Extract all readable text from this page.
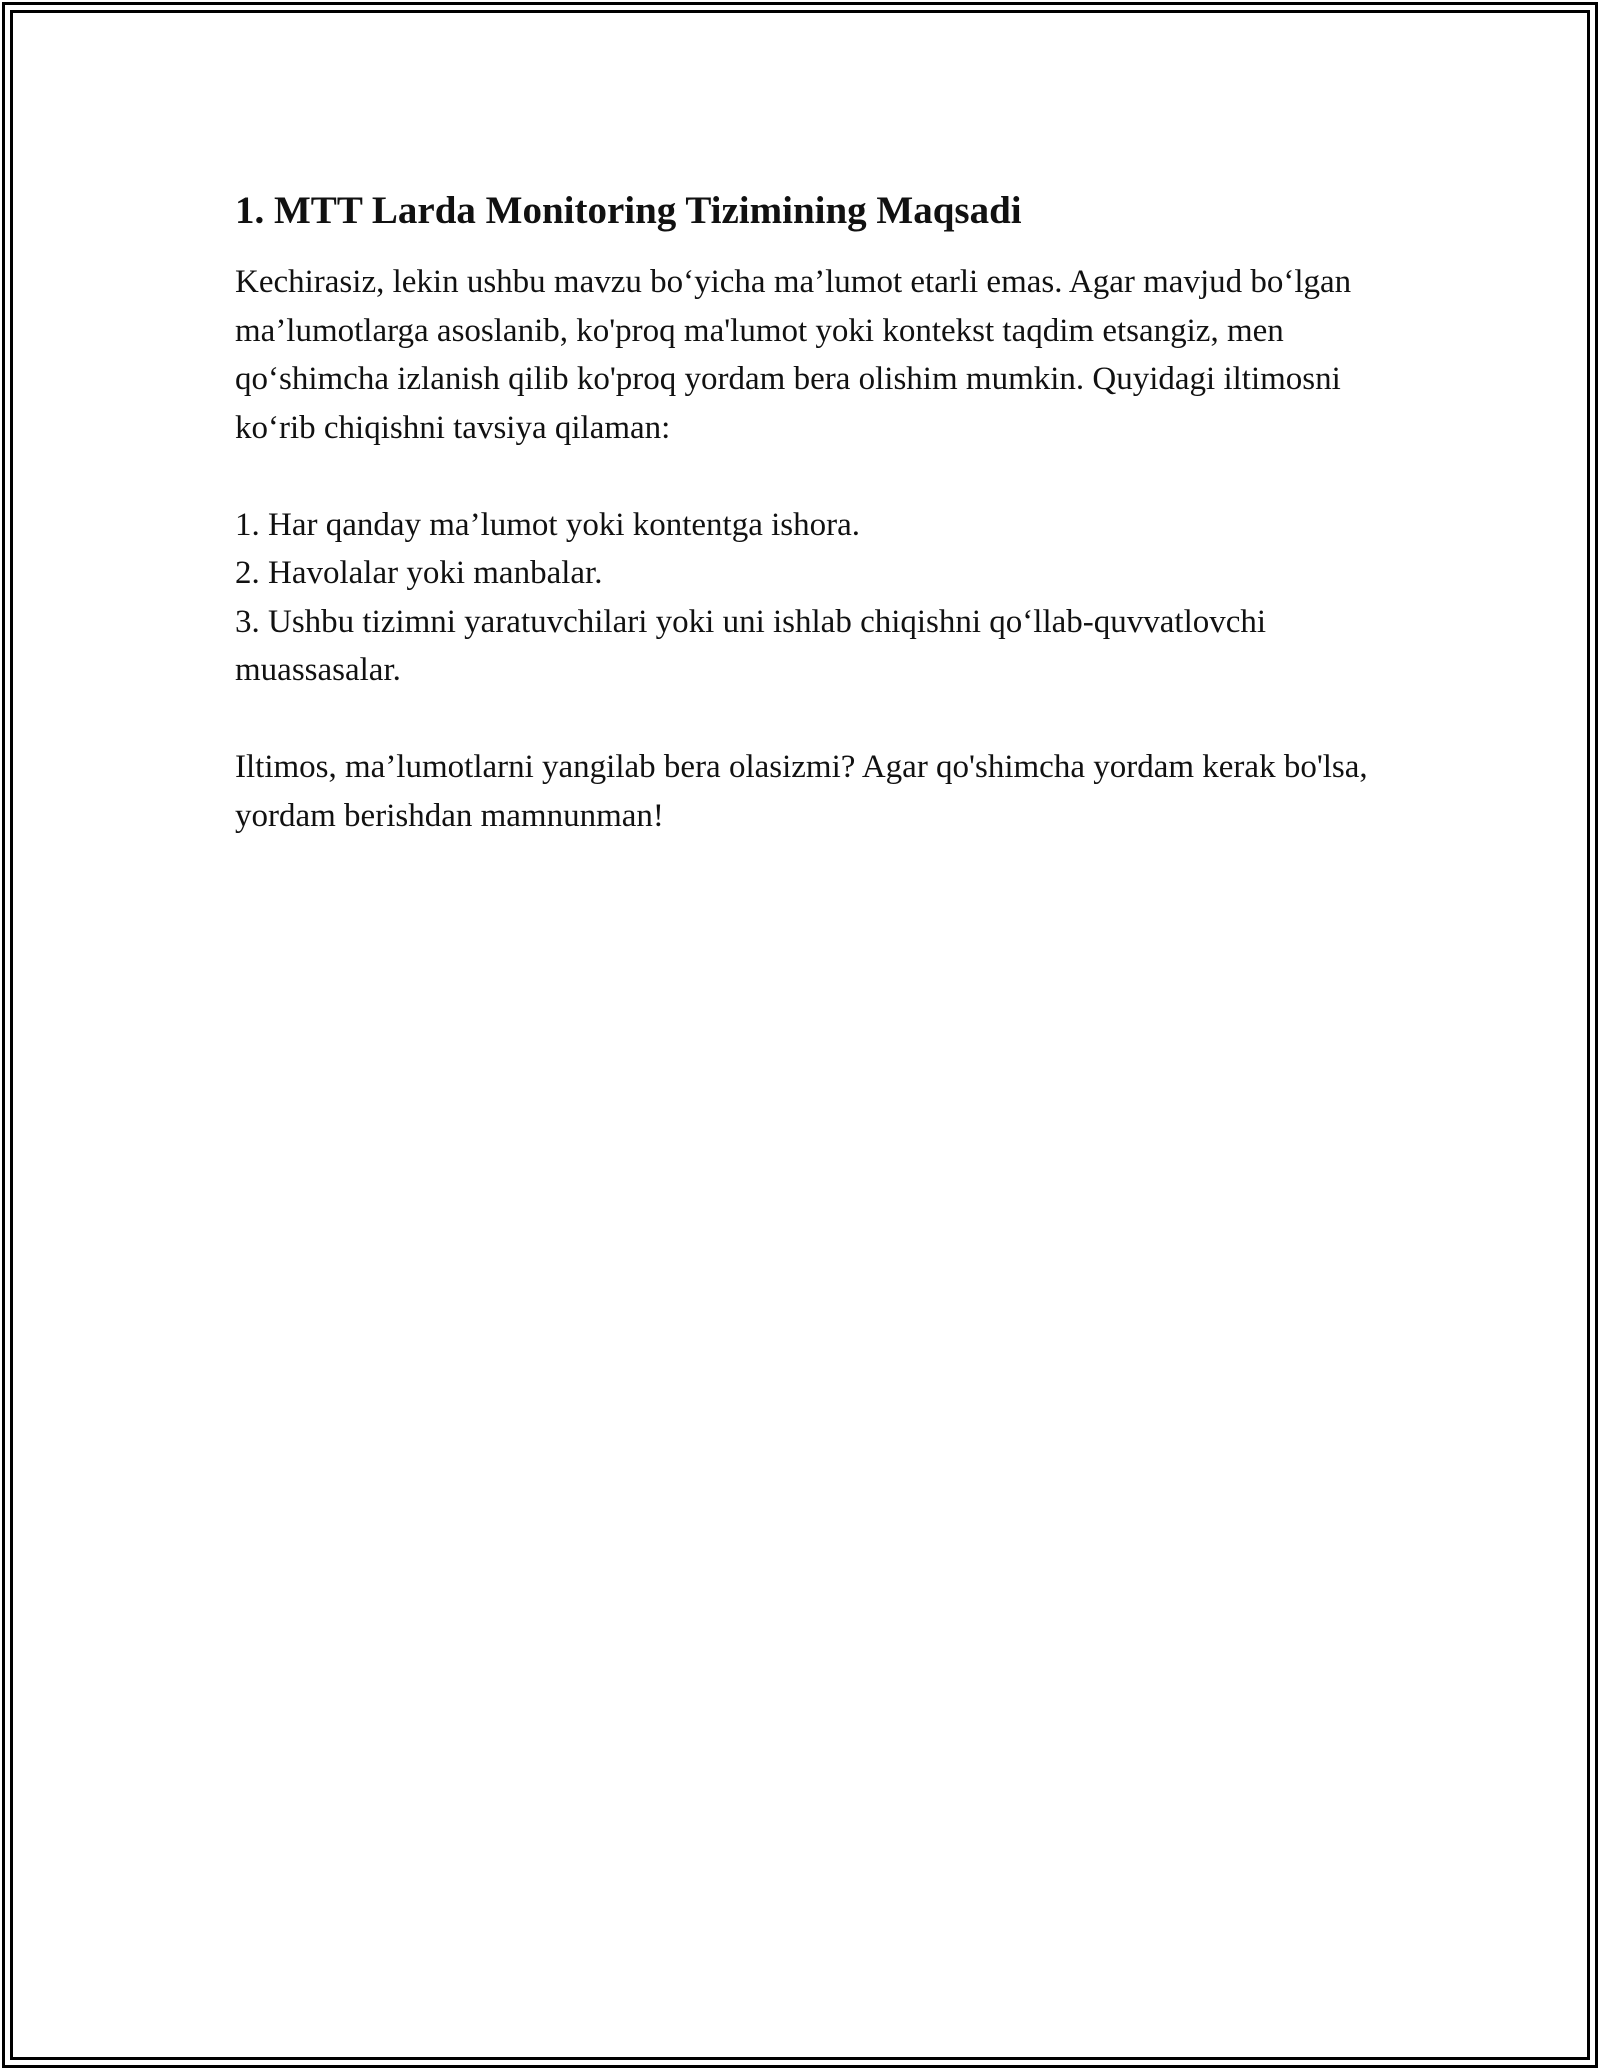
1. MTT Larda Monitoring Tizimining Maqsadi

Kechirasiz, lekin ushbu mavzu bo‘yicha ma’lumot etarli emas. Agar mavjud bo‘lgan ma’lumotlarga asoslanib, ko'proq ma'lumot yoki kontekst taqdim etsangiz, men qo‘shimcha izlanish qilib ko'proq yordam bera olishim mumkin. Quyidagi iltimosni ko‘rib chiqishni tavsiya qilaman:

1. Har qanday ma’lumot yoki kontentga ishora.
2. Havolalar yoki manbalar.
3. Ushbu tizimni yaratuvchilari yoki uni ishlab chiqishni qo‘llab-quvvatlovchi muassasalar.

Iltimos, ma’lumotlarni yangilab bera olasizmi? Agar qo'shimcha yordam kerak bo'lsa, yordam berishdan mamnunman!
